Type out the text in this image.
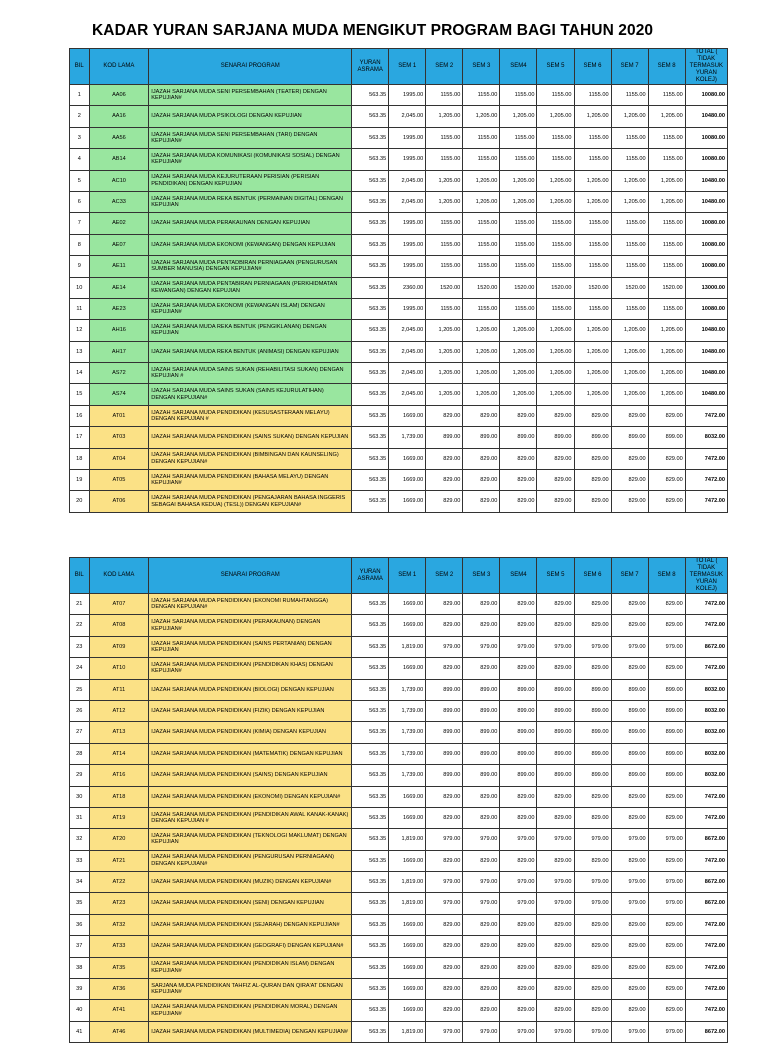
KADAR YURAN SARJANA MUDA MENGIKUT PROGRAM BAGI TAHUN 2020
BIL	KOD LAMA	SENARAI PROGRAM	YURAN ASRAMA	SEM 1	SEM 2	SEM 3	SEM4	SEM 5	SEM 6	SEM 7	SEM 8	TOTAL ( TIDAK TERMASUK YURAN KOLEJ)
1	AA06	IJAZAH SARJANA MUDA SENI PERSEMBAHAN (TEATER) DENGAN KEPUJIAN#	563.35	1995.00	1155.00	1155.00	1155.00	1155.00	1155.00	1155.00	1155.00	10080.00
2	AA16	IJAZAH SARJANA MUDA PSIKOLOGI DENGAN KEPUJIAN	563.35	2,045.00	1,205.00	1,205.00	1,205.00	1,205.00	1,205.00	1,205.00	1,205.00	10480.00
3	AA56	IJAZAH SARJANA MUDA SENI PERSEMBAHAN (TARI) DENGAN KEPUJIAN#	563.35	1995.00	1155.00	1155.00	1155.00	1155.00	1155.00	1155.00	1155.00	10080.00
4	AB14	IJAZAH SARJANA MUDA KOMUNIKASI (KOMUNIKASI SOSIAL) DENGAN KEPUJIAN#	563.35	1995.00	1155.00	1155.00	1155.00	1155.00	1155.00	1155.00	1155.00	10080.00
5	AC10	IJAZAH SARJANA MUDA KEJURUTERAAN PERISIAN (PERISIAN PENDIDIKAN) DENGAN KEPUJIAN	563.35	2,045.00	1,205.00	1,205.00	1,205.00	1,205.00	1,205.00	1,205.00	1,205.00	10480.00
6	AC33	IJAZAH SARJANA MUDA REKA BENTUK (PERMAINAN DIGITAL) DENGAN KEPUJIAN	563.35	2,045.00	1,205.00	1,205.00	1,205.00	1,205.00	1,205.00	1,205.00	1,205.00	10480.00
7	AE02	IJAZAH SARJANA MUDA PERAKAUNAN DENGAN KEPUJIAN	563.35	1995.00	1155.00	1155.00	1155.00	1155.00	1155.00	1155.00	1155.00	10080.00
8	AE07	IJAZAH SARJANA MUDA EKONOMI (KEWANGAN) DENGAN KEPUJIAN	563.35	1995.00	1155.00	1155.00	1155.00	1155.00	1155.00	1155.00	1155.00	10080.00
9	AE11	IJAZAH SARJANA MUDA PENTADBIRAN PERNIAGAAN (PENGURUSAN SUMBER MANUSIA) DENGAN KEPUJIAN#	563.35	1995.00	1155.00	1155.00	1155.00	1155.00	1155.00	1155.00	1155.00	10080.00
10	AE14	IJAZAH SARJANA MUDA PENTABIRAN PERNIAGAAN (PERKHIDMATAN KEWANGAN) DENGAN KEPUJIAN	563.35	2360.00	1520.00	1520.00	1520.00	1520.00	1520.00	1520.00	1520.00	13000.00
11	AE23	IJAZAH SARJANA MUDA EKONOMI (KEWANGAN ISLAM) DENGAN KEPUJIAN#	563.35	1995.00	1155.00	1155.00	1155.00	1155.00	1155.00	1155.00	1155.00	10080.00
12	AH16	IJAZAH SARJANA MUDA REKA BENTUK (PENGIKLANAN) DENGAN KEPUJIAN	563.35	2,045.00	1,205.00	1,205.00	1,205.00	1,205.00	1,205.00	1,205.00	1,205.00	10480.00
13	AH17	IJAZAH SARJANA MUDA REKA BENTUK (ANIMASI) DENGAN KEPUJIAN	563.35	2,045.00	1,205.00	1,205.00	1,205.00	1,205.00	1,205.00	1,205.00	1,205.00	10480.00
14	AS72	IJAZAH SARJANA MUDA SAINS SUKAN (REHABILITASI SUKAN) DENGAN KEPUJIAN #	563.35	2,045.00	1,205.00	1,205.00	1,205.00	1,205.00	1,205.00	1,205.00	1,205.00	10480.00
15	AS74	IJAZAH SARJANA MUDA SAINS SUKAN (SAINS KEJURULATIHAN) DENGAN KEPUJIAN#	563.35	2,045.00	1,205.00	1,205.00	1,205.00	1,205.00	1,205.00	1,205.00	1,205.00	10480.00
16	AT01	IJAZAH SARJANA MUDA PENDIDIKAN (KESUSASTERAAN MELAYU) DENGAN KEPUJIAN #	563.35	1669.00	829.00	829.00	829.00	829.00	829.00	829.00	829.00	7472.00
17	AT03	IJAZAH SARJANA MUDA PENDIDIKAN (SAINS SUKAN) DENGAN KEPUJIAN	563.35	1,739.00	899.00	899.00	899.00	899.00	899.00	899.00	899.00	8032.00
18	AT04	IJAZAH SARJANA MUDA PENDIDIKAN (BIMBINGAN DAN KAUNSELING) DENGAN KEPUJIAN#	563.35	1669.00	829.00	829.00	829.00	829.00	829.00	829.00	829.00	7472.00
19	AT05	IJAZAH SARJANA MUDA PENDIDIKAN (BAHASA MELAYU) DENGAN KEPUJIAN#	563.35	1669.00	829.00	829.00	829.00	829.00	829.00	829.00	829.00	7472.00
20	AT06	IJAZAH SARJANA MUDA PENDIDIKAN (PENGAJARAN BAHASA INGGERIS SEBAGAI BAHASA KEDUA) (TESL)) DENGAN KEPUJIAN#	563.35	1669.00	829.00	829.00	829.00	829.00	829.00	829.00	829.00	7472.00
BIL	KOD LAMA	SENARAI PROGRAM	YURAN ASRAMA	SEM 1	SEM 2	SEM 3	SEM4	SEM 5	SEM 6	SEM 7	SEM 8	TOTAL ( TIDAK TERMASUK YURAN KOLEJ)
21	AT07	IJAZAH SARJANA MUDA PENDIDIKAN (EKONOMI RUMAHTANGGA) DENGAN KEPUJIAN#	563.35	1669.00	829.00	829.00	829.00	829.00	829.00	829.00	829.00	7472.00
22	AT08	IJAZAH SARJANA MUDA PENDIDIKAN (PERAKAUNAN) DENGAN KEPUJIAN#	563.35	1669.00	829.00	829.00	829.00	829.00	829.00	829.00	829.00	7472.00
23	AT09	IJAZAH SARJANA MUDA PENDIDIKAN (SAINS PERTANIAN) DENGAN KEPUJIAN	563.35	1,819.00	979.00	979.00	979.00	979.00	979.00	979.00	979.00	8672.00
24	AT10	IJAZAH SARJANA MUDA PENDIDIKAN (PENDIDIKAN KHAS) DENGAN KEPUJIAN#	563.35	1669.00	829.00	829.00	829.00	829.00	829.00	829.00	829.00	7472.00
25	AT11	IJAZAH SARJANA MUDA PENDIDIKAN (BIOLOGI) DENGAN KEPUJIAN	563.35	1,739.00	899.00	899.00	899.00	899.00	899.00	899.00	899.00	8032.00
26	AT12	IJAZAH SARJANA MUDA PENDIDIKAN (FIZIK) DENGAN KEPUJIAN	563.35	1,739.00	899.00	899.00	899.00	899.00	899.00	899.00	899.00	8032.00
27	AT13	IJAZAH SARJANA MUDA PENDIDIKAN (KIMIA) DENGAN KEPUJIAN	563.35	1,739.00	899.00	899.00	899.00	899.00	899.00	899.00	899.00	8032.00
28	AT14	IJAZAH SARJANA MUDA PENDIDIKAN (MATEMATIK) DENGAN KEPUJIAN	563.35	1,739.00	899.00	899.00	899.00	899.00	899.00	899.00	899.00	8032.00
29	AT16	IJAZAH SARJANA MUDA PENDIDIKAN (SAINS) DENGAN KEPUJIAN	563.35	1,739.00	899.00	899.00	899.00	899.00	899.00	899.00	899.00	8032.00
30	AT18	IJAZAH SARJANA MUDA PENDIDIKAN (EKONOMI) DENGAN KEPUJIAN#	563.35	1669.00	829.00	829.00	829.00	829.00	829.00	829.00	829.00	7472.00
31	AT19	IJAZAH SARJANA MUDA PENDIDIKAN (PENDIDIKAN AWAL KANAK-KANAK) DENGAN KEPUJIAN #	563.35	1669.00	829.00	829.00	829.00	829.00	829.00	829.00	829.00	7472.00
32	AT20	IJAZAH SARJANA MUDA PENDIDIKAN (TEKNOLOGI MAKLUMAT) DENGAN KEPUJIAN	563.35	1,819.00	979.00	979.00	979.00	979.00	979.00	979.00	979.00	8672.00
33	AT21	IJAZAH SARJANA MUDA PENDIDIKAN (PENGURUSAN PERNIAGAAN) DENGAN KEPUJIAN#	563.35	1669.00	829.00	829.00	829.00	829.00	829.00	829.00	829.00	7472.00
34	AT22	IJAZAH SARJANA MUDA PENDIDIKAN (MUZIK) DENGAN KEPUJIAN#	563.35	1,819.00	979.00	979.00	979.00	979.00	979.00	979.00	979.00	8672.00
35	AT23	IJAZAH SARJANA MUDA PENDIDIKAN (SENI) DENGAN KEPUJIAN	563.35	1,819.00	979.00	979.00	979.00	979.00	979.00	979.00	979.00	8672.00
36	AT32	IJAZAH SARJANA MUDA PENDIDIKAN (SEJARAH) DENGAN KEPUJIAN#	563.35	1669.00	829.00	829.00	829.00	829.00	829.00	829.00	829.00	7472.00
37	AT33	IJAZAH SARJANA MUDA PENDIDIKAN (GEOGRAFI) DENGAN KEPUJIAN#	563.35	1669.00	829.00	829.00	829.00	829.00	829.00	829.00	829.00	7472.00
38	AT35	IJAZAH SARJANA MUDA PENDIDIKAN (PENDIDIKAN ISLAM) DENGAN KEPUJIAN#	563.35	1669.00	829.00	829.00	829.00	829.00	829.00	829.00	829.00	7472.00
39	AT36	SARJANA MUDA PENDIDIKAN TAHFIZ AL-QURAN DAN QIRA'AT DENGAN KEPUJIAN#	563.35	1669.00	829.00	829.00	829.00	829.00	829.00	829.00	829.00	7472.00
40	AT41	IJAZAH SARJANA MUDA PENDIDIKAN (PENDIDIKAN MORAL) DENGAN KEPUJIAN#	563.35	1669.00	829.00	829.00	829.00	829.00	829.00	829.00	829.00	7472.00
41	AT46	IJAZAH SARJANA MUDA PENDIDIKAN (MULTIMEDIA) DENGAN KEPUJIAN#	563.35	1,819.00	979.00	979.00	979.00	979.00	979.00	979.00	979.00	8672.00
